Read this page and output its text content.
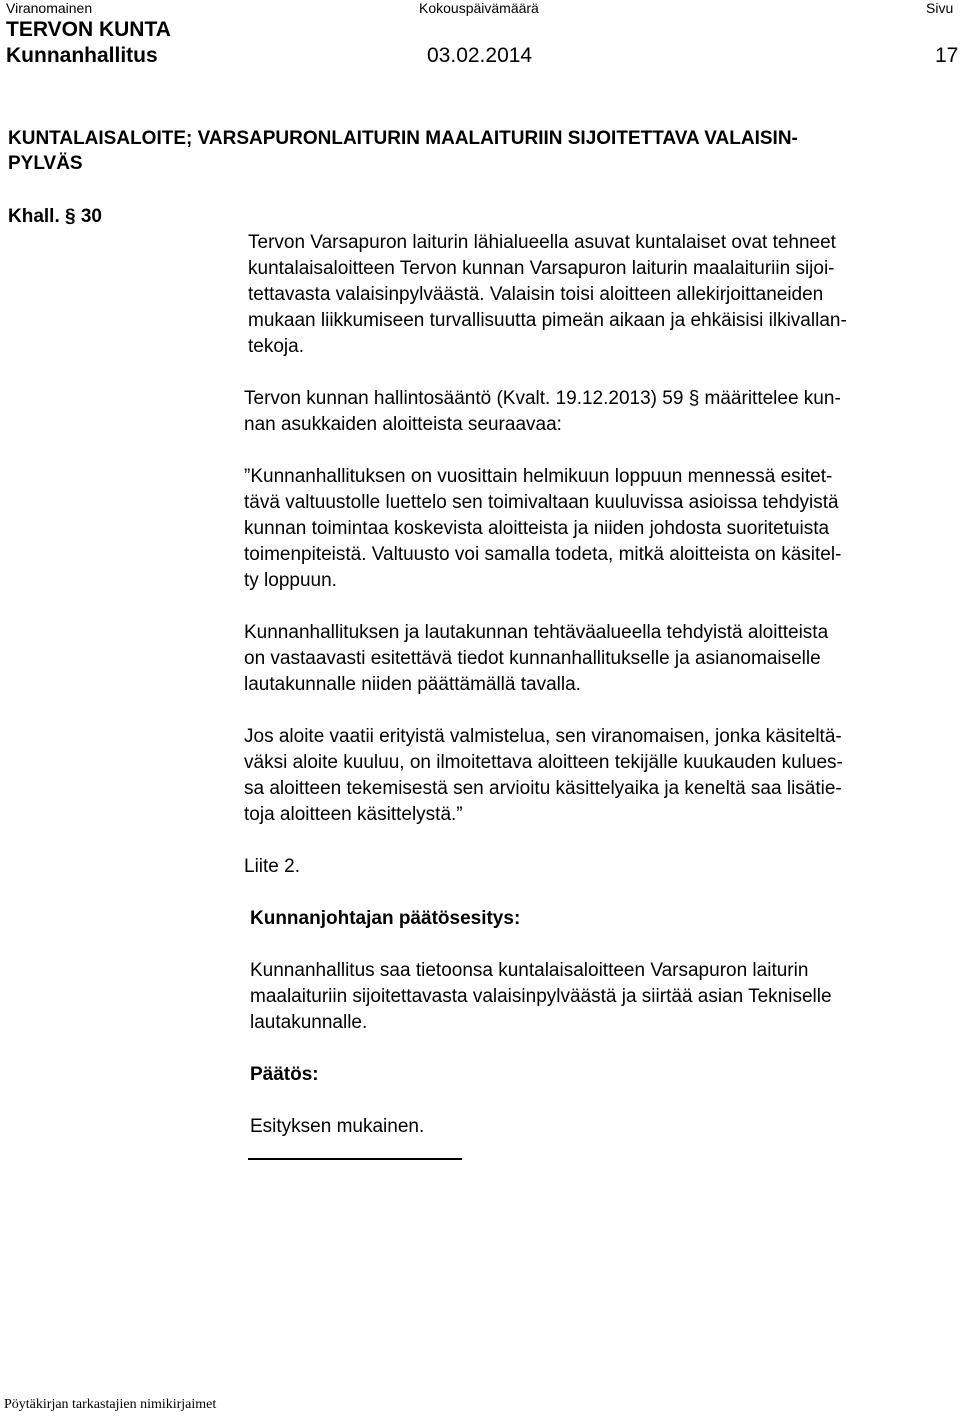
Viranomainen	Kokouspäivämäärä	Sivu
TERVON KUNTA
Kunnanhallitus	03.02.2014	17
KUNTALAISALOITE; VARSAPURONLAITURIN MAALAITURIIN SIJOITETTAVA VALAISIN-
PYLVÄS
Khall. § 30
Tervon Varsapuron laiturin lähialueella asuvat kuntalaiset ovat tehneet
kuntalaisaloitteen Tervon kunnan Varsapuron laiturin maalaituriin sijoi-
tettavasta valaisinpylväästä. Valaisin toisi aloitteen allekirjoittaneiden
mukaan liikkumiseen turvallisuutta pimeän aikaan ja ehkäisisi ilkivallan-
tekoja.
Tervon kunnan hallintosääntö (Kvalt. 19.12.2013) 59 § määrittelee kun-
nan asukkaiden aloitteista seuraavaa:
”Kunnanhallituksen on vuosittain helmikuun loppuun mennessä esitet-
tävä valtuustolle luettelo sen toimivaltaan kuuluvissa asioissa tehdyistä
kunnan toimintaa koskevista aloitteista ja niiden johdosta suoritetuista
toimenpiteistä. Valtuusto voi samalla todeta, mitkä aloitteista on käsitel-
ty loppuun.
Kunnanhallituksen ja lautakunnan tehtäväalueella tehdyistä aloitteista
on vastaavasti esitettävä tiedot kunnanhallitukselle ja asianomaiselle
lautakunnalle niiden päättämällä tavalla.
Jos aloite vaatii erityistä valmistelua, sen viranomaisen, jonka käsiteltä-
väksi aloite kuuluu, on ilmoitettava aloitteen tekijälle kuukauden kulues-
sa aloitteen tekemisestä sen arvioitu käsittelyaika ja keneltä saa lisätie-
toja aloitteen käsittelystä.”
Liite 2.
Kunnanjohtajan päätösesitys:
Kunnanhallitus saa tietoonsa kuntalaisaloitteen Varsapuron laiturin
maalaituriin sijoitettavasta valaisinpylväästä ja siirtää asian Tekniselle
lautakunnalle.
Päätös:
Esityksen mukainen.
Pöytäkirjan tarkastajien nimikirjaimet
